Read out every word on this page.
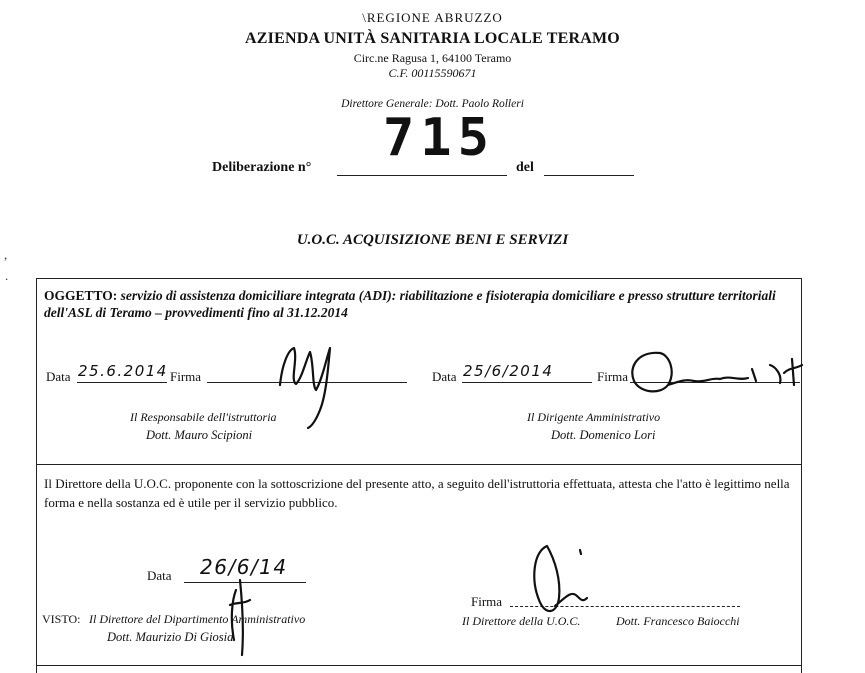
\REGIONE ABRUZZO
AZIENDA UNITÀ SANITARIA LOCALE TERAMO
Circ.ne Ragusa 1, 64100 Teramo
C.F. 00115590671
Direttore Generale: Dott. Paolo Rolleri
Deliberazione n° 715 del
U.O.C. ACQUISIZIONE BENI E SERVIZI
,
.
OGGETTO: servizio di assistenza domiciliare integrata (ADI): riabilitazione e fisioterapia domiciliare e presso strutture territoriali dell'ASL di Teramo – provvedimenti fino al 31.12.2014
Data 25.6.2014 Firma
Il Responsabile dell'istruttoria
Dott. Mauro Scipioni
Data 25/6/2014	Firma
Il Dirigente Amministrativo
Dott. Domenico Lori
Il Direttore della U.O.C. proponente con la sottoscrizione del presente atto, a seguito dell'istruttoria effettuata, attesta che l'atto è legittimo nella forma e nella sostanza ed è utile per il servizio pubblico.
Data 26/6/14
Firma
Il Direttore della U.O.C.	Dott. Francesco Baiocchi
VISTO: Il Direttore del Dipartimento Amministrativo
Dott. Maurizio Di Giosia
